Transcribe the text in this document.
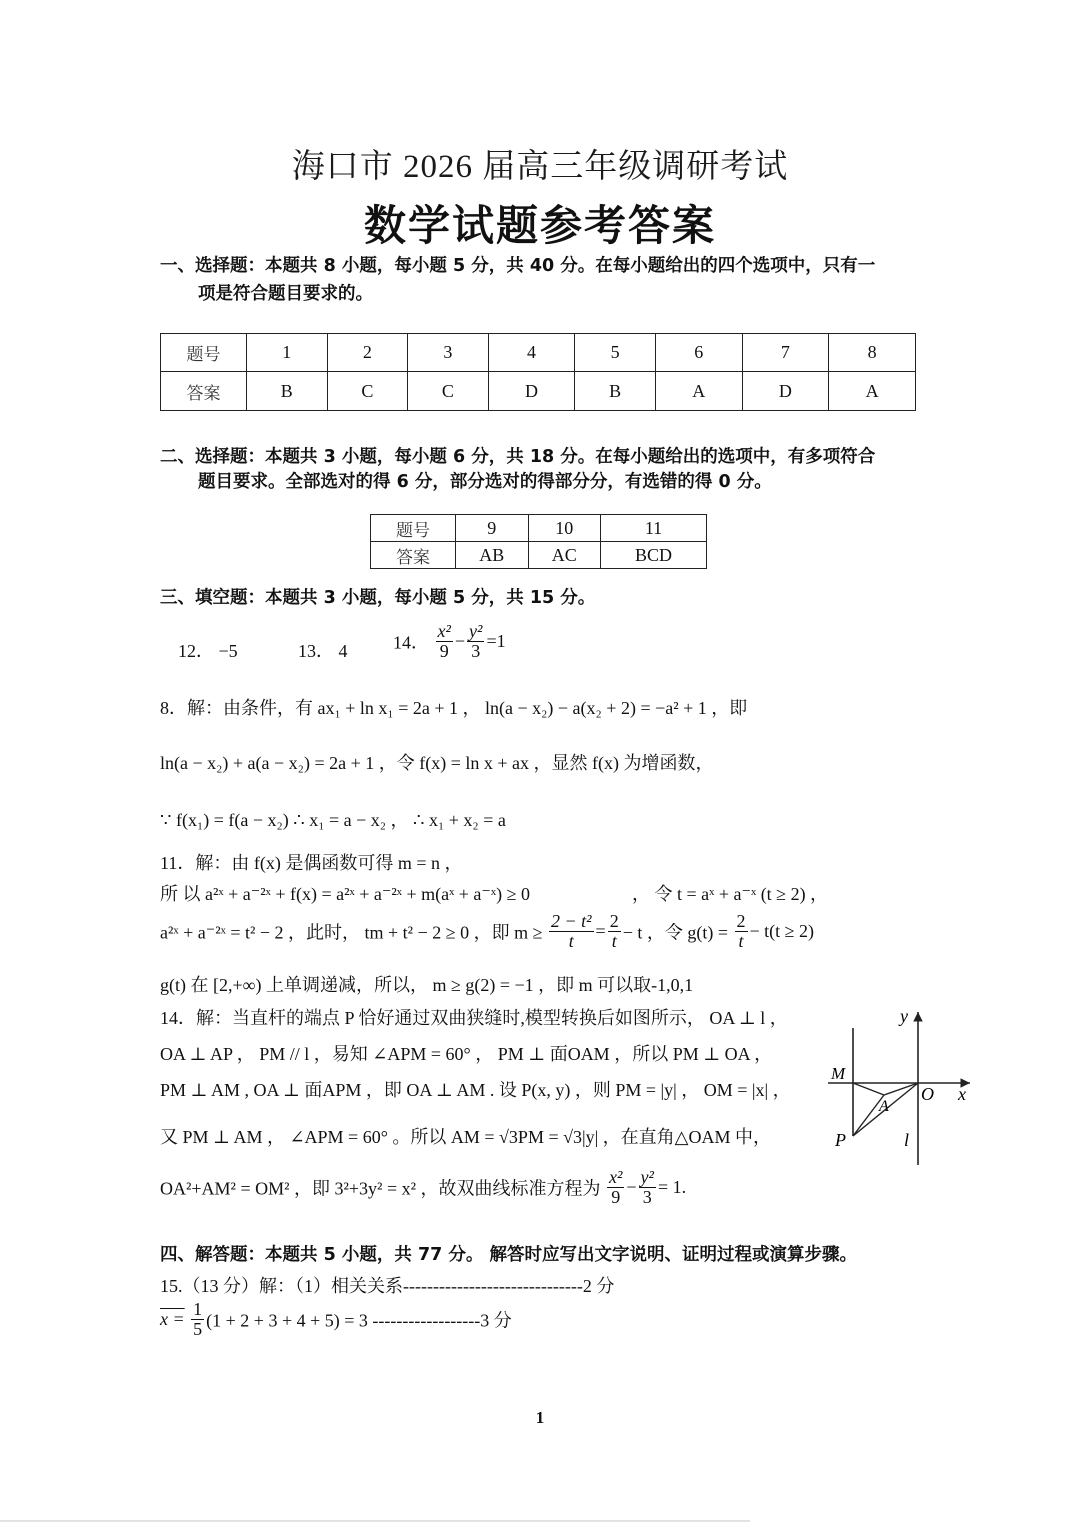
海口市 2026 届高三年级调研考试
数学试题参考答案
一、选择题：本题共 8 小题，每小题 5 分，共 40 分。在每小题给出的四个选项中，只有一
项是符合题目要求的。
题号	1	2	3	4	5	6	7	8
答案	B	C	C	D	B	A	D	A
二、选择题：本题共 3 小题，每小题 6 分，共 18 分。在每小题给出的选项中，有多项符合
题目要求。全部选对的得 6 分，部分选对的得部分分，有选错的得 0 分。
题号	9	10	11
答案	AB	AC	BCD
三、填空题：本题共 3 小题，每小题 5 分，共 15 分。
12． −5	13． 4	14． $\frac{\text{x²}}{9} - \frac{\text{y²}}{3} =1$
8．解：由条件，有 ax₁ + ln x₁ = 2a + 1 ， ln(a − x₂) − a(x₂ + 2) = −a² + 1 ，即
ln(a − x₂) + a(a − x₂) = 2a + 1 ，令 f(x) = ln x + ax ，显然 f(x) 为增函数，
∵ f(x₁) = f(a − x₂) ∴ x₁ = a − x₂ ， ∴ x₁ + x₂ = a
11．解：由 f(x) 是偶函数可得 m = n ，
所 以 a²ˣ + a⁻²ˣ + f(x) = a²ˣ + a⁻²ˣ + m(aˣ + a⁻ˣ) ≥ 0	， 令 t = aˣ + a⁻ˣ (t ≥ 2) ，
a²ˣ + a⁻²ˣ = t² − 2 ，此时， tm + t² − 2 ≥ 0 ，即 $m \ge \frac{\text{2 − t²}}{t} = \frac{2}{t} - t$ ，令 $g(t) = \frac{2}{t} - t(t \ge 2)$
g(t) 在 [2,+∞) 上单调递减，所以， m ≥ g(2) = −1 ，即 m 可以取-1,0,1
14．解：当直杆的端点 P 恰好通过双曲狭缝时,模型转换后如图所示， OA ⊥ l ，
OA ⊥ AP ， PM // l ，易知 ∠APM = 60° ， PM ⊥ 面OAM ，所以 PM ⊥ OA ，
PM ⊥ AM , OA ⊥ 面APM ，即 OA ⊥ AM . 设 P(x, y) ，则 PM = |y| ， OM = |x| ，
又 PM ⊥ AM ， ∠APM = 60° 。所以 AM = √3PM = √3|y| ，在直角△OAM 中，
OA²+AM² = OM² ，即 3²+3y² = x² ，故双曲线标准方程为 $\frac{\text{x²}}{9} - \frac{\text{y²}}{3} = 1$.
y
x
M
O
A
P	l
四、解答题：本题共 5 小题，共 77 分。 解答时应写出文字说明、证明过程或演算步骤。
15.（13 分）解：（1）相关关系------------------------------2 分
$x = \frac{1}{5} (1 + 2 + 3 + 4 + 5) = 3$ ------------------3 分
1
